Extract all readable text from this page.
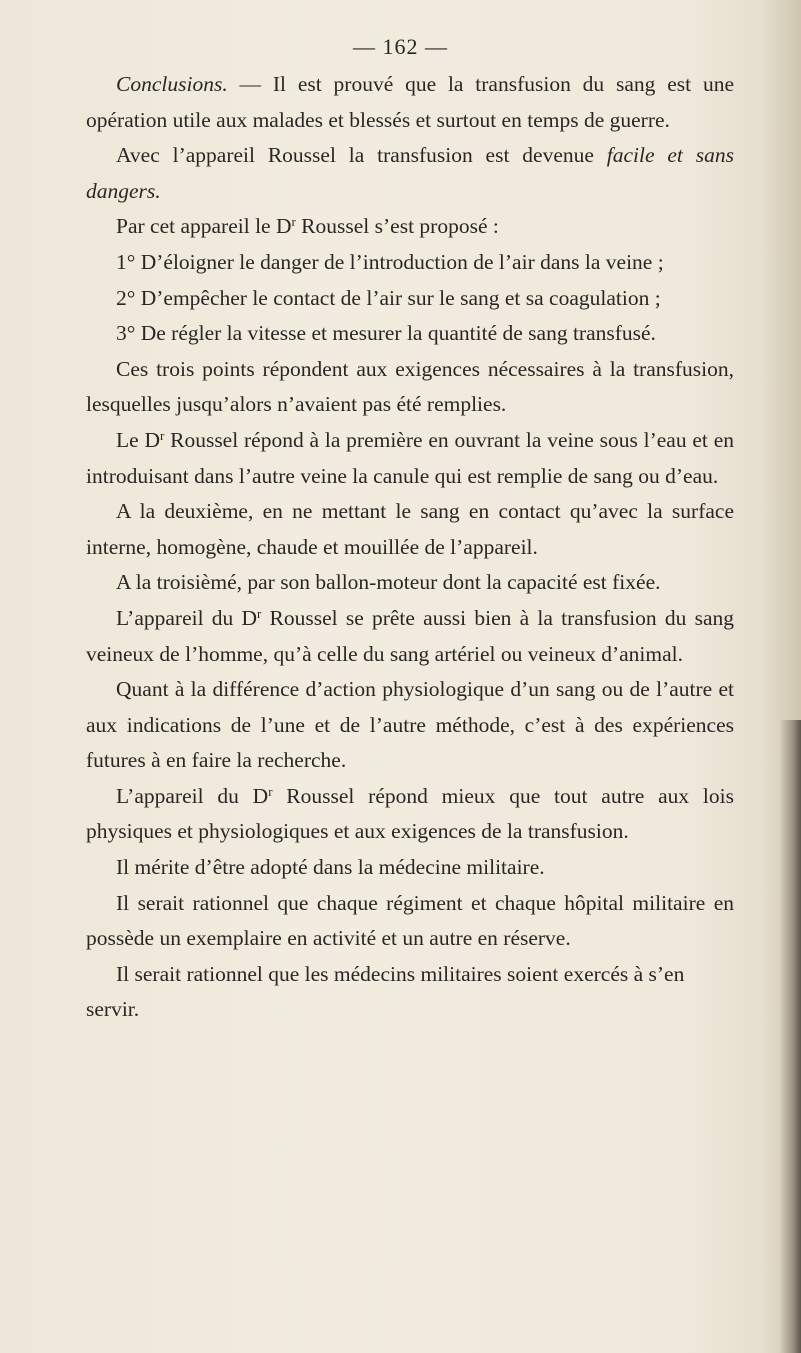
— 162 —

Conclusions. — Il est prouvé que la transfusion du sang est une opération utile aux malades et blessés et surtout en temps de guerre.

Avec l’appareil Roussel la transfusion est devenue facile et sans dangers.

Par cet appareil le $D^r$ Roussel s’est proposé :

1° D’éloigner le danger de l’introduction de l’air dans la veine ;

2° D’empêcher le contact de l’air sur le sang et sa coagulation ;

3° De régler la vitesse et mesurer la quantité de sang transfusé.

Ces trois points répondent aux exigences nécessaires à la transfusion, lesquelles jusqu’alors n’avaient pas été remplies.

Le $D^r$ Roussel répond à la première en ouvrant la veine sous l’eau et en introduisant dans l’autre veine la canule qui est remplie de sang ou d’eau.

A la deuxième, en ne mettant le sang en contact qu’avec la surface interne, homogène, chaude et mouillée de l’appareil.

A la troisièmé, par son ballon-moteur dont la capacité est fixée.

L’appareil du $D^r$ Roussel se prête aussi bien à la transfusion du sang veineux de l’homme, qu’à celle du sang artériel ou veineux d’animal.

Quant à la différence d’action physiologique d’un sang ou de l’autre et aux indications de l’une et de l’autre méthode, c’est à des expériences futures à en faire la recherche.

L’appareil du $D^r$ Roussel répond mieux que tout autre aux lois physiques et physiologiques et aux exigences de la transfusion.

Il mérite d’être adopté dans la médecine militaire.

Il serait rationnel que chaque régiment et chaque hôpital militaire en possède un exemplaire en activité et un autre en réserve.

Il serait rationnel que les médecins militaires soient exercés à s’en servir.
